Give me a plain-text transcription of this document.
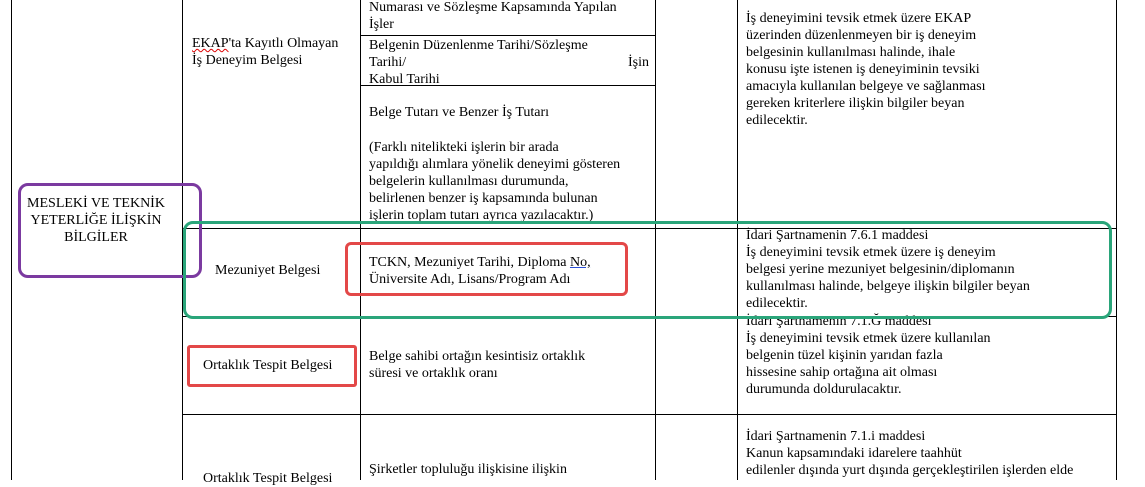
MESLEKİ VE TEKNİK
YETERLİĞE İLİŞKİN
BİLGİLER
EKAP'ta Kayıtlı Olmayan
İş Deneyim Belgesi
Numarası ve Sözleşme Kapsamında Yapılan
İşler
Belgenin Düzenlenme Tarihi/Sözleşme
Tarihi/	İşin
Kabul Tarihi
Belge Tutarı ve Benzer İş Tutarı
(Farklı nitelikteki işlerin bir arada
yapıldığı alımlara yönelik deneyimi gösteren
belgelerin kullanılması durumunda,
belirlenen benzer iş kapsamında bulunan
işlerin toplam tutarı ayrıca yazılacaktır.)
İş deneyimini tevsik etmek üzere EKAP
üzerinden düzenlenmeyen bir iş deneyim
belgesinin kullanılması halinde, ihale
konusu işte istenen iş deneyiminin tevsiki
amacıyla kullanılan belgeye ve sağlanması
gereken kriterlere ilişkin bilgiler beyan
edilecektir.
Mezuniyet Belgesi
TCKN, Mezuniyet Tarihi, Diploma No,
Üniversite Adı, Lisans/Program Adı
İdari Şartnamenin 7.6.1 maddesi
İş deneyimini tevsik etmek üzere iş deneyim
belgesi yerine mezuniyet belgesinin/diplomanın
kullanılması halinde, belgeye ilişkin bilgiler beyan
edilecektir.
Ortaklık Tespit Belgesi
Belge sahibi ortağın kesintisiz ortaklık
süresi ve ortaklık oranı
İdari Şartnamenin 7.1.Ğ maddesi
İş deneyimini tevsik etmek üzere kullanılan
belgenin tüzel kişinin yarıdan fazla
hissesine sahip ortağına ait olması
durumunda doldurulacaktır.
Ortaklık Tespit Belgesi
Şirketler topluluğu ilişkisine ilişkin
İdari Şartnamenin 7.1.i maddesi
Kanun kapsamındaki idarelere taahhüt
edilenler dışında yurt dışında gerçekleştirilen işlerden elde
